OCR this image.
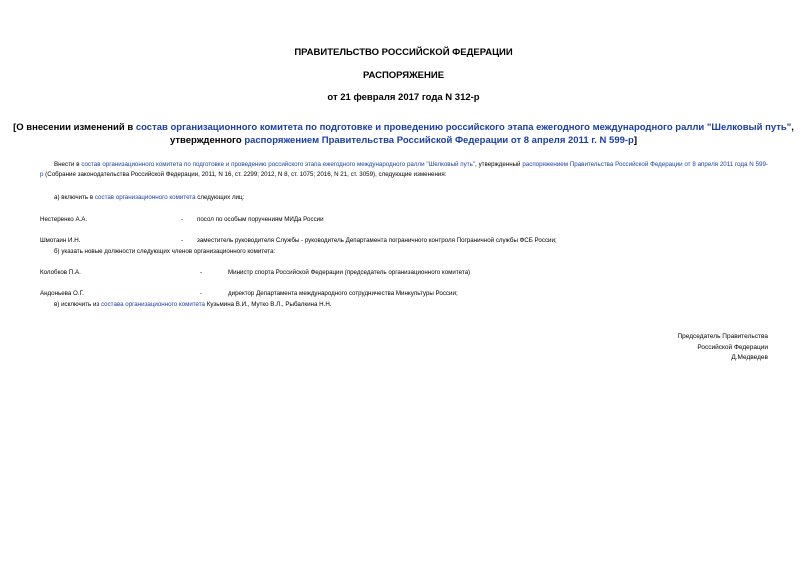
ПРАВИТЕЛЬСТВО РОССИЙСКОЙ ФЕДЕРАЦИИ
РАСПОРЯЖЕНИЕ
от 21 февраля 2017 года N 312-р
[О внесении изменений в состав организационного комитета по подготовке и проведению российского этапа ежегодного международного ралли "Шелковый путь",
утвержденного распоряжением Правительства Российской Федерации от 8 апреля 2011 г. N 599-р]
Внести в состав организационного комитета по подготовке и проведению российского этапа ежегодного международного ралли "Шелковый путь", утвержденный распоряжением Правительства Российской Федерации от 8 апреля 2011 года N 599-р (Собрание законодательства Российской Федерации, 2011, N 16, ст. 2299; 2012, N 8, ст. 1075; 2016, N 21, ст. 3059), следующие изменения:
а) включить в состав организационного комитета следующих лиц:
Нестеренко А.А.	- посол по особым поручениям МИДа России
Шмотаин И.Н.	- заместитель руководителя Службы - руководитель Департамента пограничного контроля Пограничной службы ФСБ России;
б) указать новые должности следующих членов организационного комитета:
Колобков П.А.	-	Министр спорта Российской Федерации (председатель организационного комитета)
Андоньева О.Г.	-	директор Департамента международного сотрудничества Минкультуры России;
в) исключить из состава организационного комитета Кузьмина В.И., Мутко В.Л., Рыбалкина Н.Н.
Председатель Правительства
Российской Федерации
Д.Медведев
